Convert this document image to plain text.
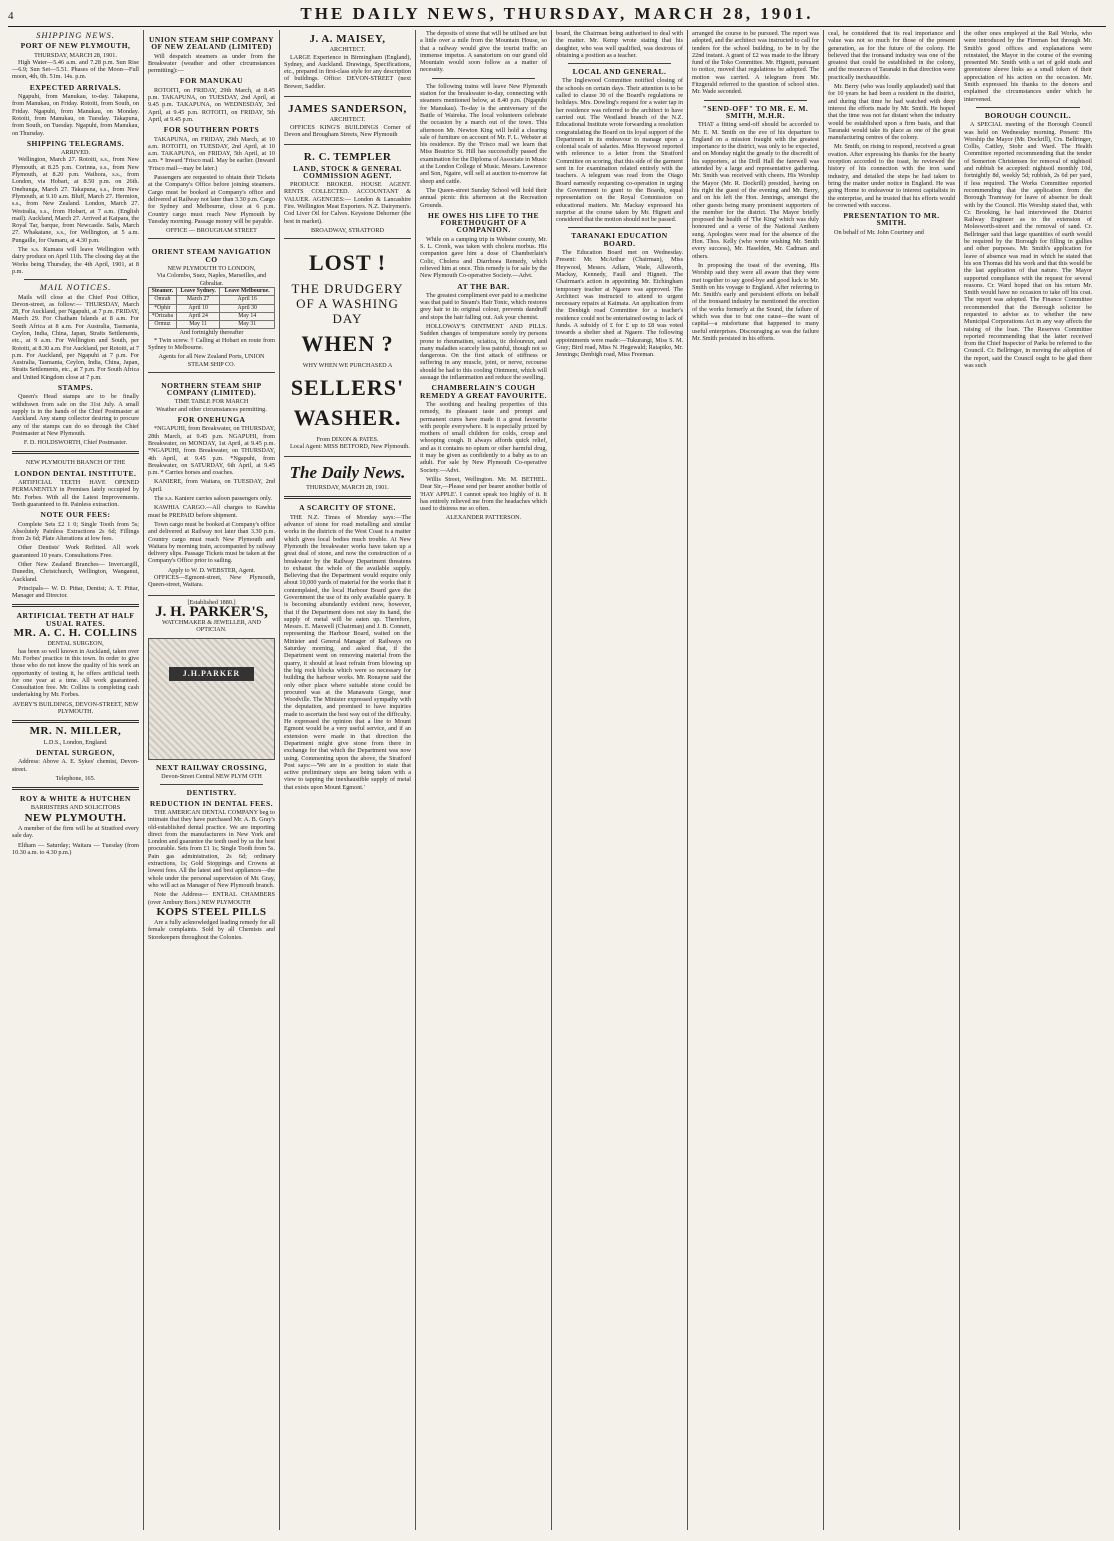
4	THE DAILY NEWS, THURSDAY, MARCH 28, 1901.
SHIPPING NEWS.
PORT OF NEW PLYMOUTH,
THURSDAY, MARCH 28, 1901.

High Water—5.46 a.m. and 7.28 p.m. Sun Rise—6.9; Sun Set—5.51. Phases of the Moon—Full moon, 4th, 0h. 51m. 14s. p.m.

EXPECTED ARRIVALS.

Ngapuhi, from Manukau, to-day. Takapuna, from Manukau, on Friday. Rotoiti, from South, on Friday. Ngapuhi, from Manukau, on Monday. Rotoiti, from Manukau, on Tuesday. Takapuna, from South, on Tuesday. Ngapuhi, from Manukau, on Thursday.

SHIPPING TELEGRAMS.
ARRIVED.

Wellington, March 27. Rotoiti, s.s., from New Plymouth, at 8.25 p.m. Corinna, s.s., from New Plymouth, at 8.20 p.m. Waihora, s.s., from London, via Hobart, at 8.50 p.m. on 26th. Onehunga, March 27. Takapuna, s.s., from New Plymouth, at 9.10 a.m. Bluff, March 27. Hermion, s.s., from New Zealand. London, March 27. Westralia, s.s., from Hobart, at 7 a.m. (English mail). Auckland, March 27. Arrived at Kaipara, the Royal Tar, barque, from Newcastle. Sails, March 27. Whakatane, s.s., for Wellington, at 5 a.m. Pungaille, for Oamaru, at 4.30 p.m.

The s.s. Kumara will leave Wellington with dairy produce on April 11th. The closing day at the Works being Thursday, the 4th April, 1901, at 8 p.m.

MAIL NOTICES.

Mails will close at the Chief Post Office, Devon-street, as follow:— THURSDAY, March 28, For Auckland, per Ngapuhi, at 7 p.m. FRIDAY, March 29. For Chatham Islands at 8 a.m. For South Africa at 8 a.m. For Australia, Tasmania, Ceylon, India, China, Japan, Straits Settlements, etc., at 9 a.m. For Wellington and South, per Rotoiti, at 8.30 a.m. For Auckland, per Rotoiti, at 7 p.m. For Auckland, per Ngapuhi at 7 p.m. For Australia, Tasmania, Ceylon, India, China, Japan, Straits Settlements, etc., at 7 p.m. For South Africa and United Kingdom close at 7 p.m.

STAMPS.

Queen's Head stamps are to be finally withdrawn from sale on the 31st July. A small supply is in the hands of the Chief Postmaster at Auckland. Any stamp collector desiring to procure any of the stamps can do so through the Chief Postmaster at New Plymouth.

F. D. HOLDSWORTH, Chief Postmaster.
NEW PLYMOUTH BRANCH OF THE
LONDON DENTAL INSTITUTE.

ARTIFICIAL TEETH HAVE OPENED PERMANENTLY in Premises lately occupied by Mr. Forbes. With all the Latest Improvements. Teeth guaranteed to fit. Painless extraction.

NOTE OUR FEES:

Complete Sets £2 1 0; Single Tooth from 5s; Absolutely Painless Extractions 2s 6d; Fillings from 2s 6d; Plate Alterations at low fees.

Other Dentists' Work Refitted. All work guaranteed 10 years. Consultations Free.

Other New Zealand Branches— Invercargill, Dunedin, Christchurch, Wellington, Wanganui, Auckland.

Principals— W. D. Pittar, Dentist; A. T. Pittar, Manager and Director.

ARTIFICIAL TEETH AT HALF USUAL RATES.
MR. A. C. H. COLLINS
DENTAL SURGEON,

has been so well known in Auckland, taken over Mr. Forbes' practice in this town. In order to give those who do not know the quality of his work an opportunity of testing it, he offers artificial teeth for one year at a time. All work guaranteed. Consultation free. Mr. Collins is completing cash undertaking by Mr. Forbes.

AVERY'S BUILDINGS, DEVON-STREET, NEW PLYMOUTH.
MR. N. MILLER,
L.D.S., London, England.
DENTAL SURGEON,

Address: Above A. E. Sykes' chemist, Devon-street.

Telephone, 165.
ROY & WHITE & HUTCHEN
BARRISTERS AND SOLICITORS
NEW PLYMOUTH.

A member of the firm will be at Stratford every sale day.

Eltham — Saturday; Waitara — Tuesday (from 10.30 a.m. to 4.30 p.m.)

UNION STEAM SHIP COMPANY OF NEW ZEALAND (LIMITED)

Will despatch steamers as under from the Breakwater (weather and other circumstances permitting):—

FOR MANUKAU

ROTOITI, on FRIDAY, 29th March, at 8.45 p.m. TAKAPUNA, on TUESDAY, 2nd April, at 9.45 p.m. TAKAPUNA, on WEDNESDAY, 3rd April, at 9.45 p.m. ROTOITI, on FRIDAY, 5th April, at 9.45 p.m.

FOR SOUTHERN PORTS

TAKAPUNA, on FRIDAY, 29th March, at 10 a.m. ROTOITI, on TUESDAY, 2nd April, at 10 a.m. TAKAPUNA, on FRIDAY, 5th April, at 10 a.m. * Inward 'Frisco mail. May be earlier. (Inward 'Frisco mail—may be later.)

Passengers are requested to obtain their Tickets at the Company's Office before joining steamers. Cargo must be booked at Company's office and delivered at Railway not later than 3.30 p.m. Cargo for Sydney and Melbourne, close at 6 p.m. Country cargo must reach New Plymouth by Tuesday morning. Passage money will be payable.

OFFICE — BROUGHAM STREET
ORIENT STEAM NAVIGATION CO
NEW PLYMOUTH TO LONDON,
Via Colombo, Suez, Naples, Marseilles, and Gibraltar.
Steamer.	Leave Sydney.	Leave Melbourne.
Omrah	March 27	April 16
*Ophir	April 10	April 30
*Orizaba	April 24	May 14
Ormuz	May 11	May 31
And fortnightly thereafter

* Twin screw. † Calling at Hobart en route from Sydney to Melbourne.

Agents for all New Zealand Ports, UNION STEAM SHIP CO.
NORTHERN STEAM SHIP COMPANY (LIMITED).
TIME TABLE FOR MARCH
Weather and other circumstances permitting.
FOR ONEHUNGA

*NGAPUHI, from Breakwater, on THURSDAY, 28th March, at 9.45 p.m. NGAPUHI, from Breakwater, on MONDAY, 1st April, at 9.45 p.m. *NGAPUHI, from Breakwater, on THURSDAY, 4th April, at 9.45 p.m. *Ngapuhi, from Breakwater, on SATURDAY, 6th April, at 9.45 p.m. * Carries horses and coaches.

KANIERE, from Waitara, on TUESDAY, 2nd April.

The s.s. Kaniere carries saloon passengers only.

KAWHIA CARGO.—All charges to Kawhia must be PREPAID before shipment.

Town cargo must be booked at Company's office and delivered at Railway not later than 3.30 p.m. Country cargo must reach New Plymouth and Waitara by morning train, accompanied by railway delivery slips. Passage Tickets must be taken at the Company's Office prior to sailing.

Apply to W. D. WEBSTER, Agent.

OFFICES—Egmont-street, New Plymouth, Queen-street, Waitara.

[Established 1880.]
J. H. PARKER'S,
WATCHMAKER & JEWELLER, AND OPTICIAN.
J.H.PARKER
NEXT RAILWAY CROSSING,
Devon-Street Central NEW PLYM OTH
DENTISTRY.
REDUCTION IN DENTAL FEES.

THE AMERICAN DENTAL COMPANY beg to intimate that they have purchased Mr. A. B. Gray's old-established dental practice. We are importing direct from the manufacturers in New York and London and guarantee the teeth used by us the best procurable. Sets from £1 1s; Single Tooth from 5s. Pain gas administration, 2s 6d; ordinary extractions, 1s; Gold Stoppings and Crowns at lowest fees. All the latest and best appliances—the whole under the personal supervision of Mr. Gray, who will act as Manager of New Plymouth branch.

Note the Address— ENTRAL CHAMBERS (over Ambury Bors.) NEW PLYMOUTH

KOPS STEEL PILLS

Are a fully acknowledged leading remedy for all female complaints. Sold by all Chemists and Storekeepers throughout the Colonies.

J. A. MAISEY,
ARCHITECT.

LARGE Experience in Birmingham (England), Sydney, and Auckland. Drawings, Specifications, etc., prepared in first-class style for any description of buildings. Office: DEVON-STREET (next Brewer, Saddler.

JAMES SANDERSON,
ARCHITECT.

OFFICES KING'S BUILDINGS Corner of Devon and Brougham Streets, New Plymouth

R. C. TEMPLER
LAND, STOCK & GENERAL COMMISSION AGENT.

PRODUCE BROKER. HOUSE AGENT. RENTS COLLECTED. ACCOUNTANT & VALUER. AGENCIES:— London & Lancashire Fire. Wellington Meat Exporters. N.Z. Dairymen's. Cod Liver Oil for Calves. Keystone Dehorner (the best in market).

BROADWAY, STRATFORD
LOST !
THE DRUDGERY OF A WASHING DAY
WHEN ?
WHY WHEN WE PURCHASED A
SELLERS'
WASHER.
From DIXON & PATES.

Local Agent: MISS BETFORD, New Plymouth.

The Daily News.
THURSDAY, MARCH 28, 1901.
A SCARCITY OF STONE.

THE N.Z. Times of Monday says:—The advance of stone for road metalling and similar works in the districts of the West Coast is a matter which gives local bodies much trouble. At New Plymouth the breakwater works have taken up a great deal of stone, and now the construction of a breakwater by the Railway Department threatens to exhaust the whole of the available supply. Believing that the Department would require only about 10,000 yards of material for the works that it contemplated, the local Harbour Board gave the Government the use of its only available quarry. It is becoming abundantly evident now, however, that if the Department does not stay its hand, the supply of metal will be eaten up. Therefore, Messrs. E. Maxwell (Chairman) and J. B. Connett, representing the Harbour Board, waited on the Minister and General Manager of Railways on Saturday morning, and asked that, if the Department went on removing material from the quarry, it should at least refrain from blowing up the big rock blocks which were so necessary for building the harbour works. Mr. Ronayne said the only other place where suitable stone could be procured was at the Manawatu Gorge, near Woodville. The Minister expressed sympathy with the deputation, and promised to have inquiries made to ascertain the best way out of the difficulty. He expressed the opinion that a line to Mount Egmont would be a very useful service, and if an extension were made in that direction the Department might give stone from there in exchange for that which the Department was now using. Commenting upon the above, the Stratford Post says:—'We are in a position to state that active preliminary steps are being taken with a view to tapping the inexhaustible supply of metal that exists upon Mount Egmont.'

The deposits of stone that will be utilised are but a little over a mile from the Mountain House, so that a railway would give the tourist traffic an immense impetus. A sanatorium on our grand old Mountain would soon follow as a matter of necessity.

The following trains will leave New Plymouth station for the breakwater to-day, connecting with steamers mentioned below, at 8.40 p.m. (Ngapuhi for Manukau). To-day is the anniversary of the Battle of Waireka. The local volunteers celebrate the occasion by a march out of the town. This afternoon Mr. Newton King will hold a clearing sale of furniture on account of Mr. F. L. Webster at his residence. By the 'Frisco mail we learn that Miss Beatrice St. Hill has successfully passed the examination for the Diploma of Associate in Music at the London College of Music. Messrs. Lawrence and Son, Ngaire, will sell at auction to-morrow fat sheep and cattle.

The Queen-street Sunday School will hold their annual picnic this afternoon at the Recreation Grounds.

HE OWES HIS LIFE TO THE FORETHOUGHT OF A COMPANION.

While on a camping trip in Webster county, Mr. S. L. Cronk, was taken with cholera morbus. His companion gave him a dose of Chamberlain's Colic, Cholera and Diarrhoea Remedy, which relieved him at once. This remedy is for sale by the New Plymouth Co-operative Society.—Advt.

AT THE BAR.

The greatest compliment ever paid to a medicine was that paid to Steam's Hair Tonic, which restores grey hair to its original colour, prevents dandruff and stops the hair falling out. Ask your chemist.

HOLLOWAY'S OINTMENT AND PILLS. Sudden changes of temperature sorely try persons prone to rheumatism, sciatica, tic doloureux, and many maladies scarcely less painful, though not so dangerous. On the first attack of stiffness or suffering in any muscle, joint, or nerve, recourse should be had to this cooling Ointment, which will assuage the inflammation and reduce the swelling.

CHAMBERLAIN'S COUGH REMEDY A GREAT FAVOURITE.

The soothing and healing properties of this remedy, its pleasant taste and prompt and permanent cures have made it a great favourite with people everywhere. It is especially prized by mothers of small children for colds, croup and whooping cough. It always affords quick relief, and as it contains no opium or other harmful drug, it may be given as confidently to a baby as to an adult. For sale by New Plymouth Co-operative Society.—Advt.

Willis Street, Wellington. Mr. M. BETHEL. Dear Sir,—Please send per bearer another bottle of 'HAY APPLE'. I cannot speak too highly of it. It has entirely relieved me from the headaches which used to distress me so often.

ALEXANDER PATTERSON.

board, the Chairman being authorised to deal with the matter. Mr. Kemp wrote stating that his daughter, who was well qualified, was desirous of obtaining a position as a teacher.

LOCAL AND GENERAL.

The Inglewood Committee notified closing of the schools on certain days. Their attention is to be called to clause 30 of the Board's regulations re holidays. Mrs. Dowling's request for a water tap in her residence was referred to the architect to have carried out. The Westland branch of the N.Z. Educational Institute wrote forwarding a resolution congratulating the Board on its loyal support of the Department in its endeavour to manage upon a colonial scale of salaries. Miss Heywood reported with reference to a letter from the Stratford Committee on scoring, that this side of the garment sent in for examination related entirely with the teachers. A telegram was read from the Otago Board earnestly requesting co-operation in urging the Government to grant to the Boards, equal representation on the Royal Commission on educational matters. Mr. Mackay expressed his surprise at the course taken by Mr. Hignett and considered that the motion should not be passed.

TARANAKI EDUCATION BOARD.

The Education Board met on Wednesday. Present: Mr. McArthur (Chairman), Miss Heywood, Messrs. Adlam, Wade, Allsworth, Mackay, Kennedy, Faull and Hignett. The Chairman's action in appointing Mr. Etchingham temporary teacher at Ngaere was approved. The Architect was instructed to attend to urgent necessary repairs at Kaimata. An application from the Denbigh road Committee for a teacher's residence could not be entertained owing to lack of funds. A subsidy of £ for £ up to £8 was voted towards a shelter shed at Ngaere. The following appointments were made:—Tukurangi, Miss S. M. Gray; Bird road, Miss N. Hegewald; Ratapiko, Mr. Jennings; Denbigh road, Miss Freeman.

arranged the course to be pursued. The report was adopted, and the architect was instructed to call for tenders for the school building, to be in by the 22nd instant. A grant of £2 was made to the library fund of the Toko Committee. Mr. Hignett, pursuant to notice, moved that regulations be adopted. The motion was carried. A telegram from Mr. Fitzgerald referred to the question of school sites. Mr. Wade seconded.

"SEND-OFF" TO MR. E. M. SMITH, M.H.R.

THAT a fitting send-off should be accorded to Mr. E. M. Smith on the eve of his departure to England on a mission fraught with the greatest importance to the district, was only to be expected, and on Monday night the greatly to the discredit of his supporters, at the Drill Hall the farewell was attended by a large and representative gathering. Mr. Smith was received with cheers. His Worship the Mayor (Mr. R. Dockrill) presided, having on his right the guest of the evening and Mr. Berry, and on his left the Hon. Jennings, amongst the other guests being many prominent supporters of the member for the district. The Mayor briefly proposed the health of 'The King' which was duly honoured and a verse of the National Anthem sung. Apologies were read for the absence of the Hon. Thos. Kelly (who wrote wishing Mr. Smith every success), Mr. Haselden, Mr. Cadman and others.

In proposing the toast of the evening, His Worship said they were all aware that they were met together to say good-bye and good luck to Mr. Smith on his voyage to England. After referring to Mr. Smith's early and persistent efforts on behalf of the ironsand industry he mentioned the erection of the works formerly at the Sound, the failure of which was due to but one cause—the want of capital—a misfortune that happened to many useful enterprises. Discouraging as was the failure Mr. Smith persisted in his efforts.

ceal, he considered that its real importance and value was not so much for those of the present generation, as for the future of the colony. He believed that the ironsand industry was one of the greatest that could be established in the colony, and the resources of Taranaki in that direction were practically inexhaustible.

Mr. Berry (who was loudly applauded) said that for 10 years he had been a resident in the district, and during that time he had watched with deep interest the efforts made by Mr. Smith. He hoped that the time was not far distant when the industry would be established upon a firm basis, and that Taranaki would take its place as one of the great manufacturing centres of the colony.

Mr. Smith, on rising to respond, received a great ovation. After expressing his thanks for the hearty reception accorded to the toast, he reviewed the history of his connection with the iron sand industry, and detailed the steps he had taken to bring the matter under notice in England. He was going Home to endeavour to interest capitalists in the enterprise, and he trusted that his efforts would be crowned with success.

PRESENTATION TO MR. SMITH.

On behalf of Mr. John Courtney and

the other ones employed at the Rail Works, who were introduced by the Fireman but through Mr. Smith's good offices and explanations were reinstated, the Mayor in the course of the evening presented Mr. Smith with a set of gold studs and greenstone sleeve links as a small token of their appreciation of his action on the occasion. Mr. Smith expressed his thanks to the donors and explained the circumstances under which he intervened.

BOROUGH COUNCIL.

A SPECIAL meeting of the Borough Council was held on Wednesday morning. Present: His Worship the Mayor (Mr. Dockrill), Crs. Bellringer, Collis, Cattley, Stohr and Ward. The Health Committee reported recommending that the tender of Somerton Christensen for removal of nightsoil and rubbish be accepted: nightsoil monthly 10d, fortnightly 8d, weekly 5d; rubbish, 2s 6d per yard, if less required. The Works Committee reported recommending that the application from the Borough Tramway for leave of absence be dealt with by the Council. His Worship stated that, with Cr. Brooking, he had interviewed the District Railway Engineer as to the extension of Molesworth-street and the removal of sand. Cr. Bellringer said that large quantities of earth would be required by the Borough for filling in gullies and other purposes. Mr. Smith's application for leave of absence was read in which he stated that his son Thomas did his work and that this would be the last application of that nature. The Mayor supported compliance with the request for several reasons. Cr. Ward hoped that on his return Mr. Smith would have no occasion to take off his coat. The report was adopted. The Finance Committee recommended that the Borough solicitor be requested to advise as to whether the new Municipal Corporations Act in any way affects the raising of the loan. The Reserves Committee reported recommending that the latter received from the Chief Inspector of Parks be referred to the Council. Cr. Bellringer, in moving the adoption of the report, said the Council ought to be glad there was such
